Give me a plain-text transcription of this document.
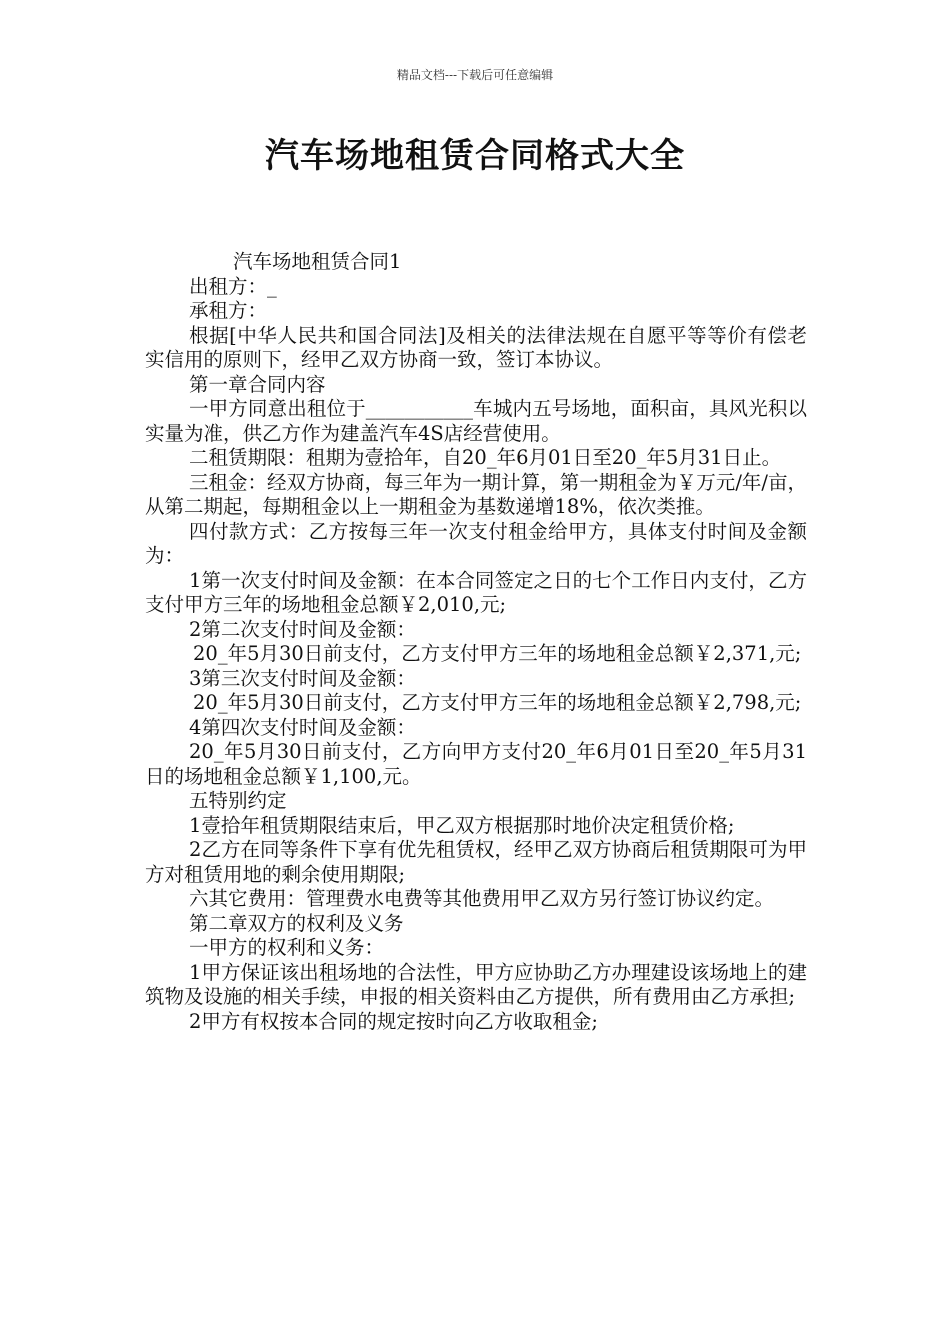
精品文档---下载后可任意编辑
汽车场地租赁合同格式大全

汽车场地租赁合同1

出租方：_

承租方：

根据[中华人民共和国合同法]及相关的法律法规在自愿平等等价有偿老实信用的原则下，经甲乙双方协商一致，签订本协议。

第一章合同内容

一甲方同意出租位于___________车城内五号场地，面积亩，具风光积以实量为准，供乙方作为建盖汽车4S店经营使用。

二租赁期限：租期为壹拾年，自20_年6月01日至20_年5月31日止。

三租金：经双方协商，每三年为一期计算，第一期租金为￥万元/年/亩，从第二期起，每期租金以上一期租金为基数递增18%，依次类推。

四付款方式：乙方按每三年一次支付租金给甲方，具体支付时间及金额为：

1第一次支付时间及金额：在本合同签定之日的七个工作日内支付，乙方支付甲方三年的场地租金总额￥2,010,元;

2第二次支付时间及金额：

20_年5月30日前支付，乙方支付甲方三年的场地租金总额￥2,371,元;

3第三次支付时间及金额：

20_年5月30日前支付，乙方支付甲方三年的场地租金总额￥2,798,元;

4第四次支付时间及金额：

20_年5月30日前支付，乙方向甲方支付20_年6月01日至20_年5月31日的场地租金总额￥1,100,元。

五特别约定

1壹拾年租赁期限结束后，甲乙双方根据那时地价决定租赁价格;

2乙方在同等条件下享有优先租赁权，经甲乙双方协商后租赁期限可为甲方对租赁用地的剩余使用期限;

六其它费用：管理费水电费等其他费用甲乙双方另行签订协议约定。

第二章双方的权利及义务

一甲方的权利和义务：

1甲方保证该出租场地的合法性，甲方应协助乙方办理建设该场地上的建筑物及设施的相关手续，申报的相关资料由乙方提供，所有费用由乙方承担;

2甲方有权按本合同的规定按时向乙方收取租金;
